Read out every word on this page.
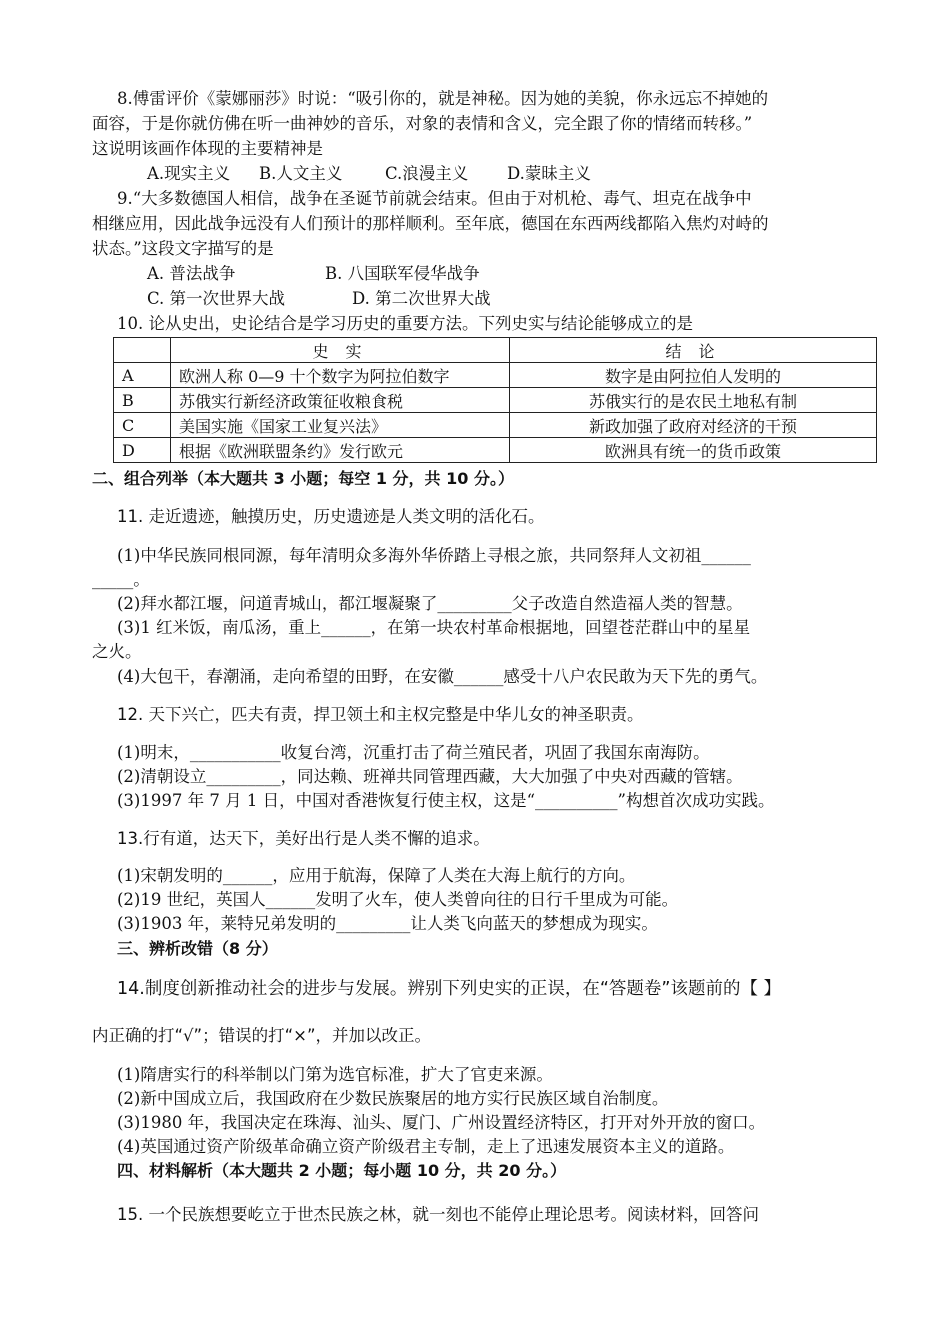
8.傅雷评价《蒙娜丽莎》时说：“吸引你的，就是神秘。因为她的美貌，你永远忘不掉她的
面容，于是你就仿佛在听一曲神妙的音乐，对象的表情和含义，完全跟了你的情绪而转移。”
这说明该画作体现的主要精神是
A.现实主义 B.人文主义	C.浪漫主义 D.蒙昧主义
9.“大多数德国人相信，战争在圣诞节前就会结束。但由于对机枪、毒气、坦克在战争中
相继应用，因此战争远没有人们预计的那样顺利。至年底，德国在东西两线都陷入焦灼对峙的
状态。”这段文字描写的是
A. 普法战争	B. 八国联军侵华战争
C. 第一次世界大战	D. 第二次世界大战
10. 论从史出，史论结合是学习历史的重要方法。下列史实与结论能够成立的是
	史 实	结 论
A	欧洲人称 0—9 十个数字为阿拉伯数字	数字是由阿拉伯人发明的
B	苏俄实行新经济政策征收粮食税	苏俄实行的是农民土地私有制
C	美国实施《国家工业复兴法》	新政加强了政府对经济的干预
D	根据《欧洲联盟条约》发行欧元	欧洲具有统一的货币政策
二、组合列举（本大题共 3 小题；每空 1 分，共 10 分。）
11. 走近遗迹，触摸历史，历史遗迹是人类文明的活化石。
(1)中华民族同根同源，每年清明众多海外华侨踏上寻根之旅，共同祭拜人文初祖______
_____。
(2)拜水都江堰，问道青城山，都江堰凝聚了_________父子改造自然造福人类的智慧。
(3)1 红米饭，南瓜汤，重上______，在第一块农村革命根据地，回望苍茫群山中的星星
之火。
(4)大包干，春潮涌，走向希望的田野，在安徽______感受十八户农民敢为天下先的勇气。
12. 天下兴亡，匹夫有责，捍卫领土和主权完整是中华儿女的神圣职责。
(1)明末，___________收复台湾，沉重打击了荷兰殖民者，巩固了我国东南海防。
(2)清朝设立_________，同达赖、班禅共同管理西藏，大大加强了中央对西藏的管辖。
(3)1997 年 7 月 1 日，中国对香港恢复行使主权，这是“__________”构想首次成功实践。
13.行有道，达天下，美好出行是人类不懈的追求。
(1)宋朝发明的______，应用于航海，保障了人类在大海上航行的方向。
(2)19 世纪，英国人______发明了火车，使人类曾向往的日行千里成为可能。
(3)1903 年，莱特兄弟发明的_________让人类飞向蓝天的梦想成为现实。
三、辨析改错（8 分）
14.制度创新推动社会的进步与发展。辨别下列史实的正误，在“答题卷”该题前的【 】
内正确的打“√”；错误的打“×”，并加以改正。
(1)隋唐实行的科举制以门第为选官标准，扩大了官吏来源。
(2)新中国成立后，我国政府在少数民族聚居的地方实行民族区域自治制度。
(3)1980 年，我国决定在珠海、汕头、厦门、广州设置经济特区，打开对外开放的窗口。
(4)英国通过资产阶级革命确立资产阶级君主专制，走上了迅速发展资本主义的道路。
四、材料解析（本大题共 2 小题；每小题 10 分，共 20 分。）
15. 一个民族想要屹立于世杰民族之林，就一刻也不能停止理论思考。阅读材料，回答问
